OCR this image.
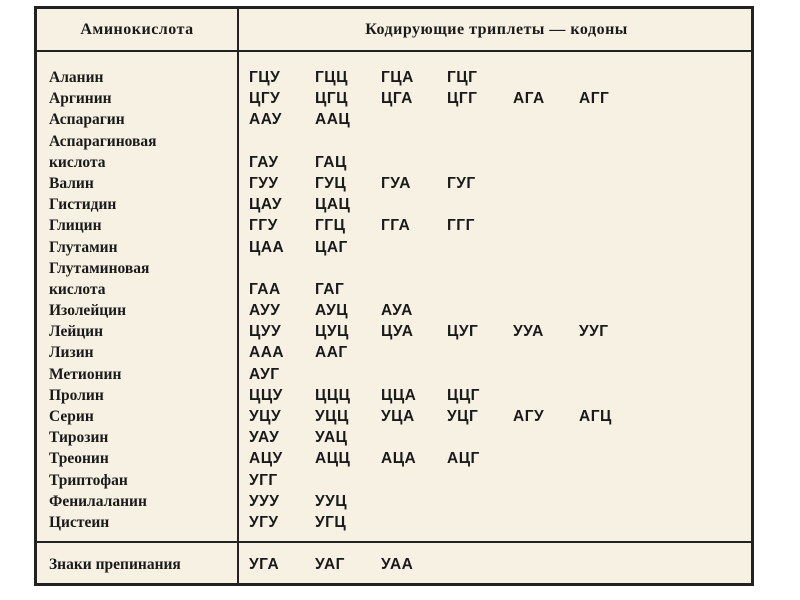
Аминокислота	Кодирующие триплеты — кодоны
Аланин	ГЦУ	ГЦЦ	ГЦА	ГЦГ
Аргинин	ЦГУ	ЦГЦ	ЦГА	ЦГГ	АГА	АГГ
Аспарагин	ААУ	ААЦ
Аспарагиновая
кислота	ГАУ	ГАЦ
Валин	ГУУ	ГУЦ	ГУА	ГУГ
Гистидин	ЦАУ	ЦАЦ
Глицин	ГГУ	ГГЦ	ГГА	ГГГ
Глутамин	ЦАА	ЦАГ
Глутаминовая
кислота	ГАА	ГАГ
Изолейцин	АУУ	АУЦ	АУА
Лейцин	ЦУУ	ЦУЦ	ЦУА	ЦУГ	УУА	УУГ
Лизин	ААА	ААГ
Метионин	АУГ
Пролин	ЦЦУ	ЦЦЦ	ЦЦА	ЦЦГ
Серин	УЦУ	УЦЦ	УЦА	УЦГ	АГУ	АГЦ
Тирозин	УАУ	УАЦ
Треонин	АЦУ	АЦЦ	АЦА	АЦГ
Триптофан	УГГ
Фенилаланин	УУУ	УУЦ
Цистеин	УГУ	УГЦ
Знаки препинания	УГА	УАГ	УАА
